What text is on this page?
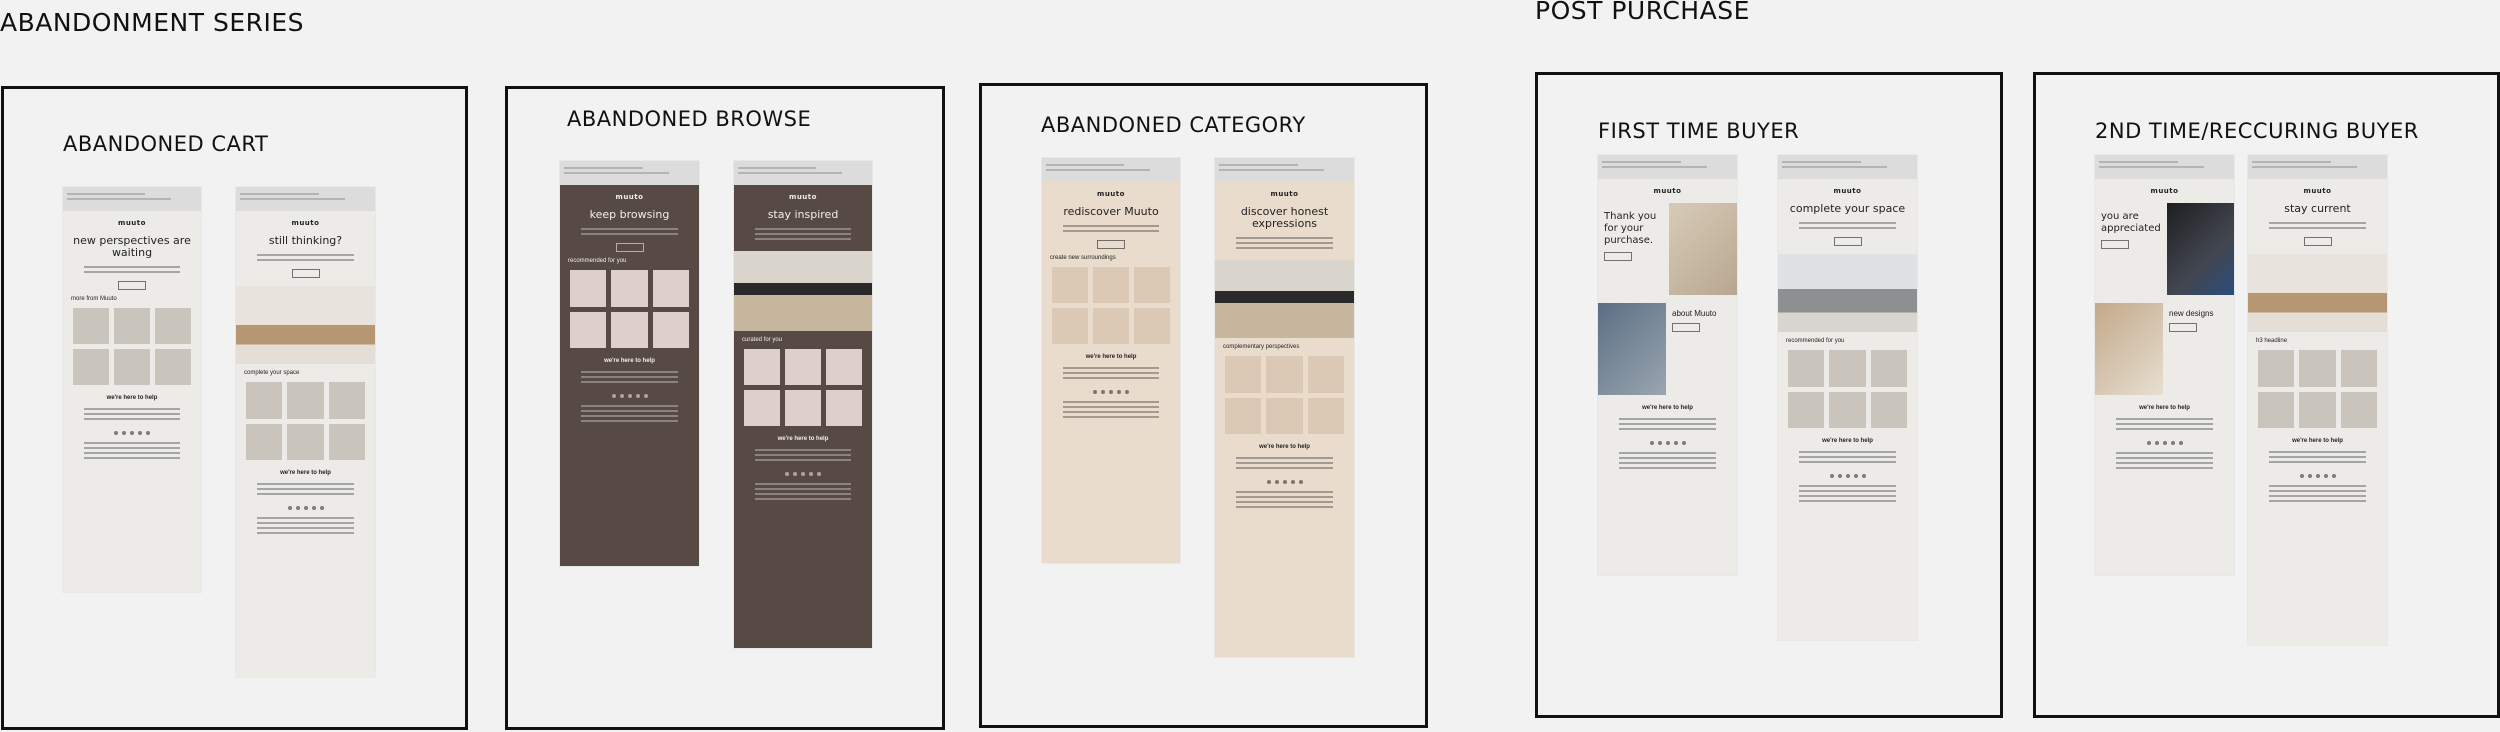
ABANDONMENT SERIES	POST PURCHASE
ABANDONED CART
muuto
new perspectives are waiting
more from Muuto
we're here to help
muuto
still thinking?
complete your space
we're here to help
ABANDONED BROWSE
muuto
keep browsing
recommended for you
we're here to help
muuto
stay inspired
curated for you
we're here to help
ABANDONED CATEGORY
muuto
rediscover Muuto
create new surroundings
we're here to help
muuto
discover honest expressions
complementary perspectives
we're here to help
FIRST TIME BUYER
muuto
Thank you for your purchase.
about Muuto
we're here to help
muuto
complete your space
recommended for you
we're here to help
2ND TIME/RECCURING BUYER
muuto
you are appreciated
new designs
we're here to help
muuto
stay current
h3 headline
we're here to help
